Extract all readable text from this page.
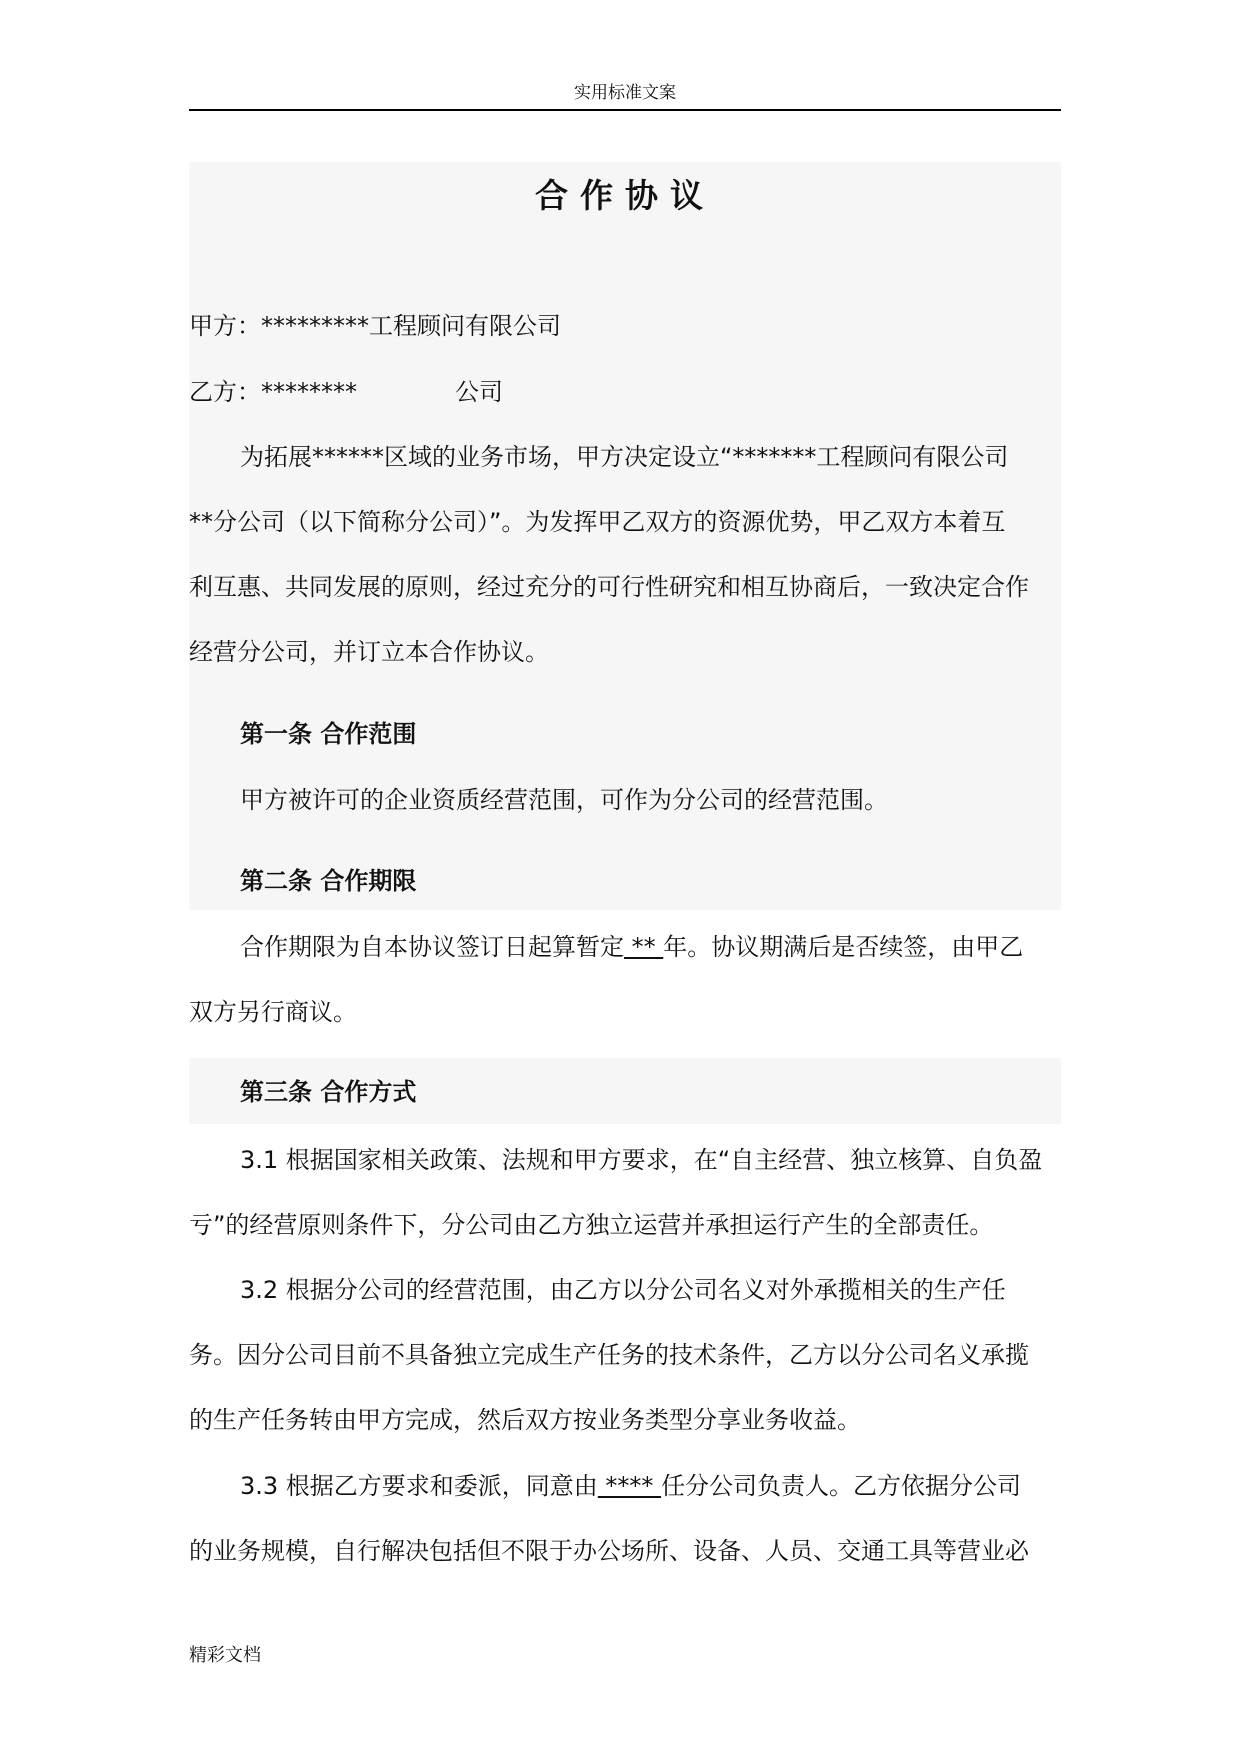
实用标准文案
合作协议
甲方：*********工程顾问有限公司
乙方：********	公司
为拓展******区域的业务市场，甲方决定设立“*******工程顾问有限公司
**分公司（以下简称分公司）”。为发挥甲乙双方的资源优势，甲乙双方本着互
利互惠、共同发展的原则，经过充分的可行性研究和相互协商后，一致决定合作
经营分公司，并订立本合作协议。
第一条 合作范围
甲方被许可的企业资质经营范围，可作为分公司的经营范围。
第二条 合作期限
合作期限为自本协议签订日起算暂定 ** 年。协议期满后是否续签，由甲乙
双方另行商议。
第三条 合作方式
3.1 根据国家相关政策、法规和甲方要求，在“自主经营、独立核算、自负盈
亏”的经营原则条件下，分公司由乙方独立运营并承担运行产生的全部责任。
3.2 根据分公司的经营范围，由乙方以分公司名义对外承揽相关的生产任
务。因分公司目前不具备独立完成生产任务的技术条件，乙方以分公司名义承揽
的生产任务转由甲方完成，然后双方按业务类型分享业务收益。
3.3 根据乙方要求和委派，同意由 **** 任分公司负责人。乙方依据分公司
的业务规模，自行解决包括但不限于办公场所、设备、人员、交通工具等营业必
精彩文档
